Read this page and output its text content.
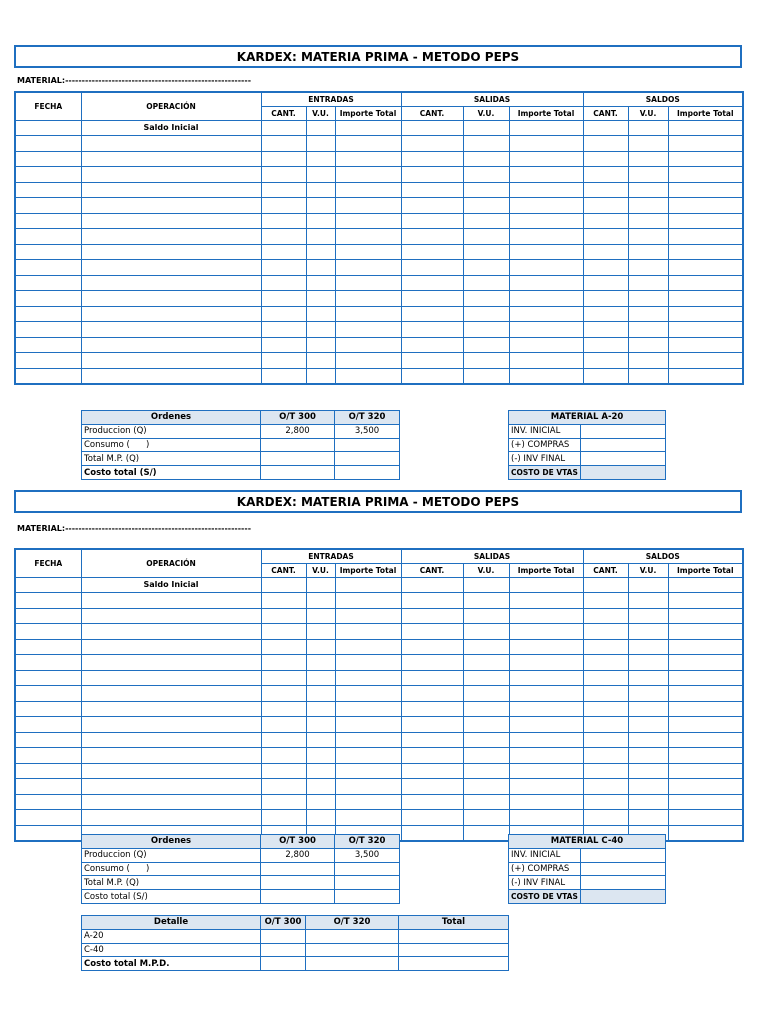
KARDEX: MATERIA PRIMA - METODO PEPS
MATERIAL:--------------------------------------------------------
FECHA	OPERACIÓN	ENTRADAS			SALIDAS			SALDOS		
		CANT.	V.U.	Importe Total	CANT.	V.U.	Importe Total	CANT.	V.U.	Importe Total
	Saldo Inicial									

Ordenes	O/T 300	O/T 320
Produccion (Q)	2,800	3,500
Consumo (      )		
Total M.P. (Q)		
Costo total (S/)		
MATERIAL A-20	
INV. INICIAL	
(+) COMPRAS	
(-) INV FINAL	
COSTO DE VTAS	
KARDEX: MATERIA PRIMA - METODO PEPS
MATERIAL:--------------------------------------------------------
FECHA	OPERACIÓN	ENTRADAS			SALIDAS			SALDOS		
		CANT.	V.U.	Importe Total	CANT.	V.U.	Importe Total	CANT.	V.U.	Importe Total
	Saldo Inicial									

Ordenes	O/T 300	O/T 320
Produccion (Q)	2,800	3,500
Consumo (      )		
Total M.P. (Q)		
Costo total (S/)		
MATERIAL C-40	
INV. INICIAL	
(+) COMPRAS	
(-) INV FINAL	
COSTO DE VTAS	
Detalle	O/T 300	O/T 320	Total
A-20			
C-40			
Costo total M.P.D.			
